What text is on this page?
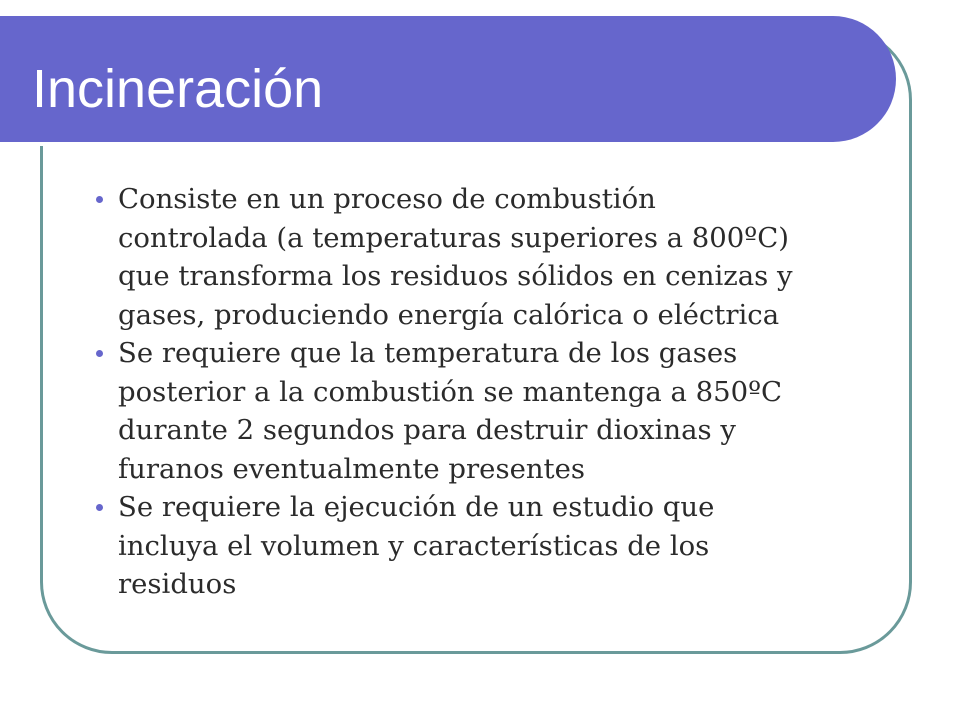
Incineración
Consiste en un proceso de combustión controlada (a temperaturas superiores a 800ºC) que transforma los residuos sólidos en cenizas y gases, produciendo energía calórica o eléctrica
Se requiere que la temperatura de los gases posterior a la combustión se mantenga a 850ºC durante 2 segundos para destruir dioxinas y furanos eventualmente presentes
Se requiere la ejecución de un estudio que incluya el volumen y características de los residuos
